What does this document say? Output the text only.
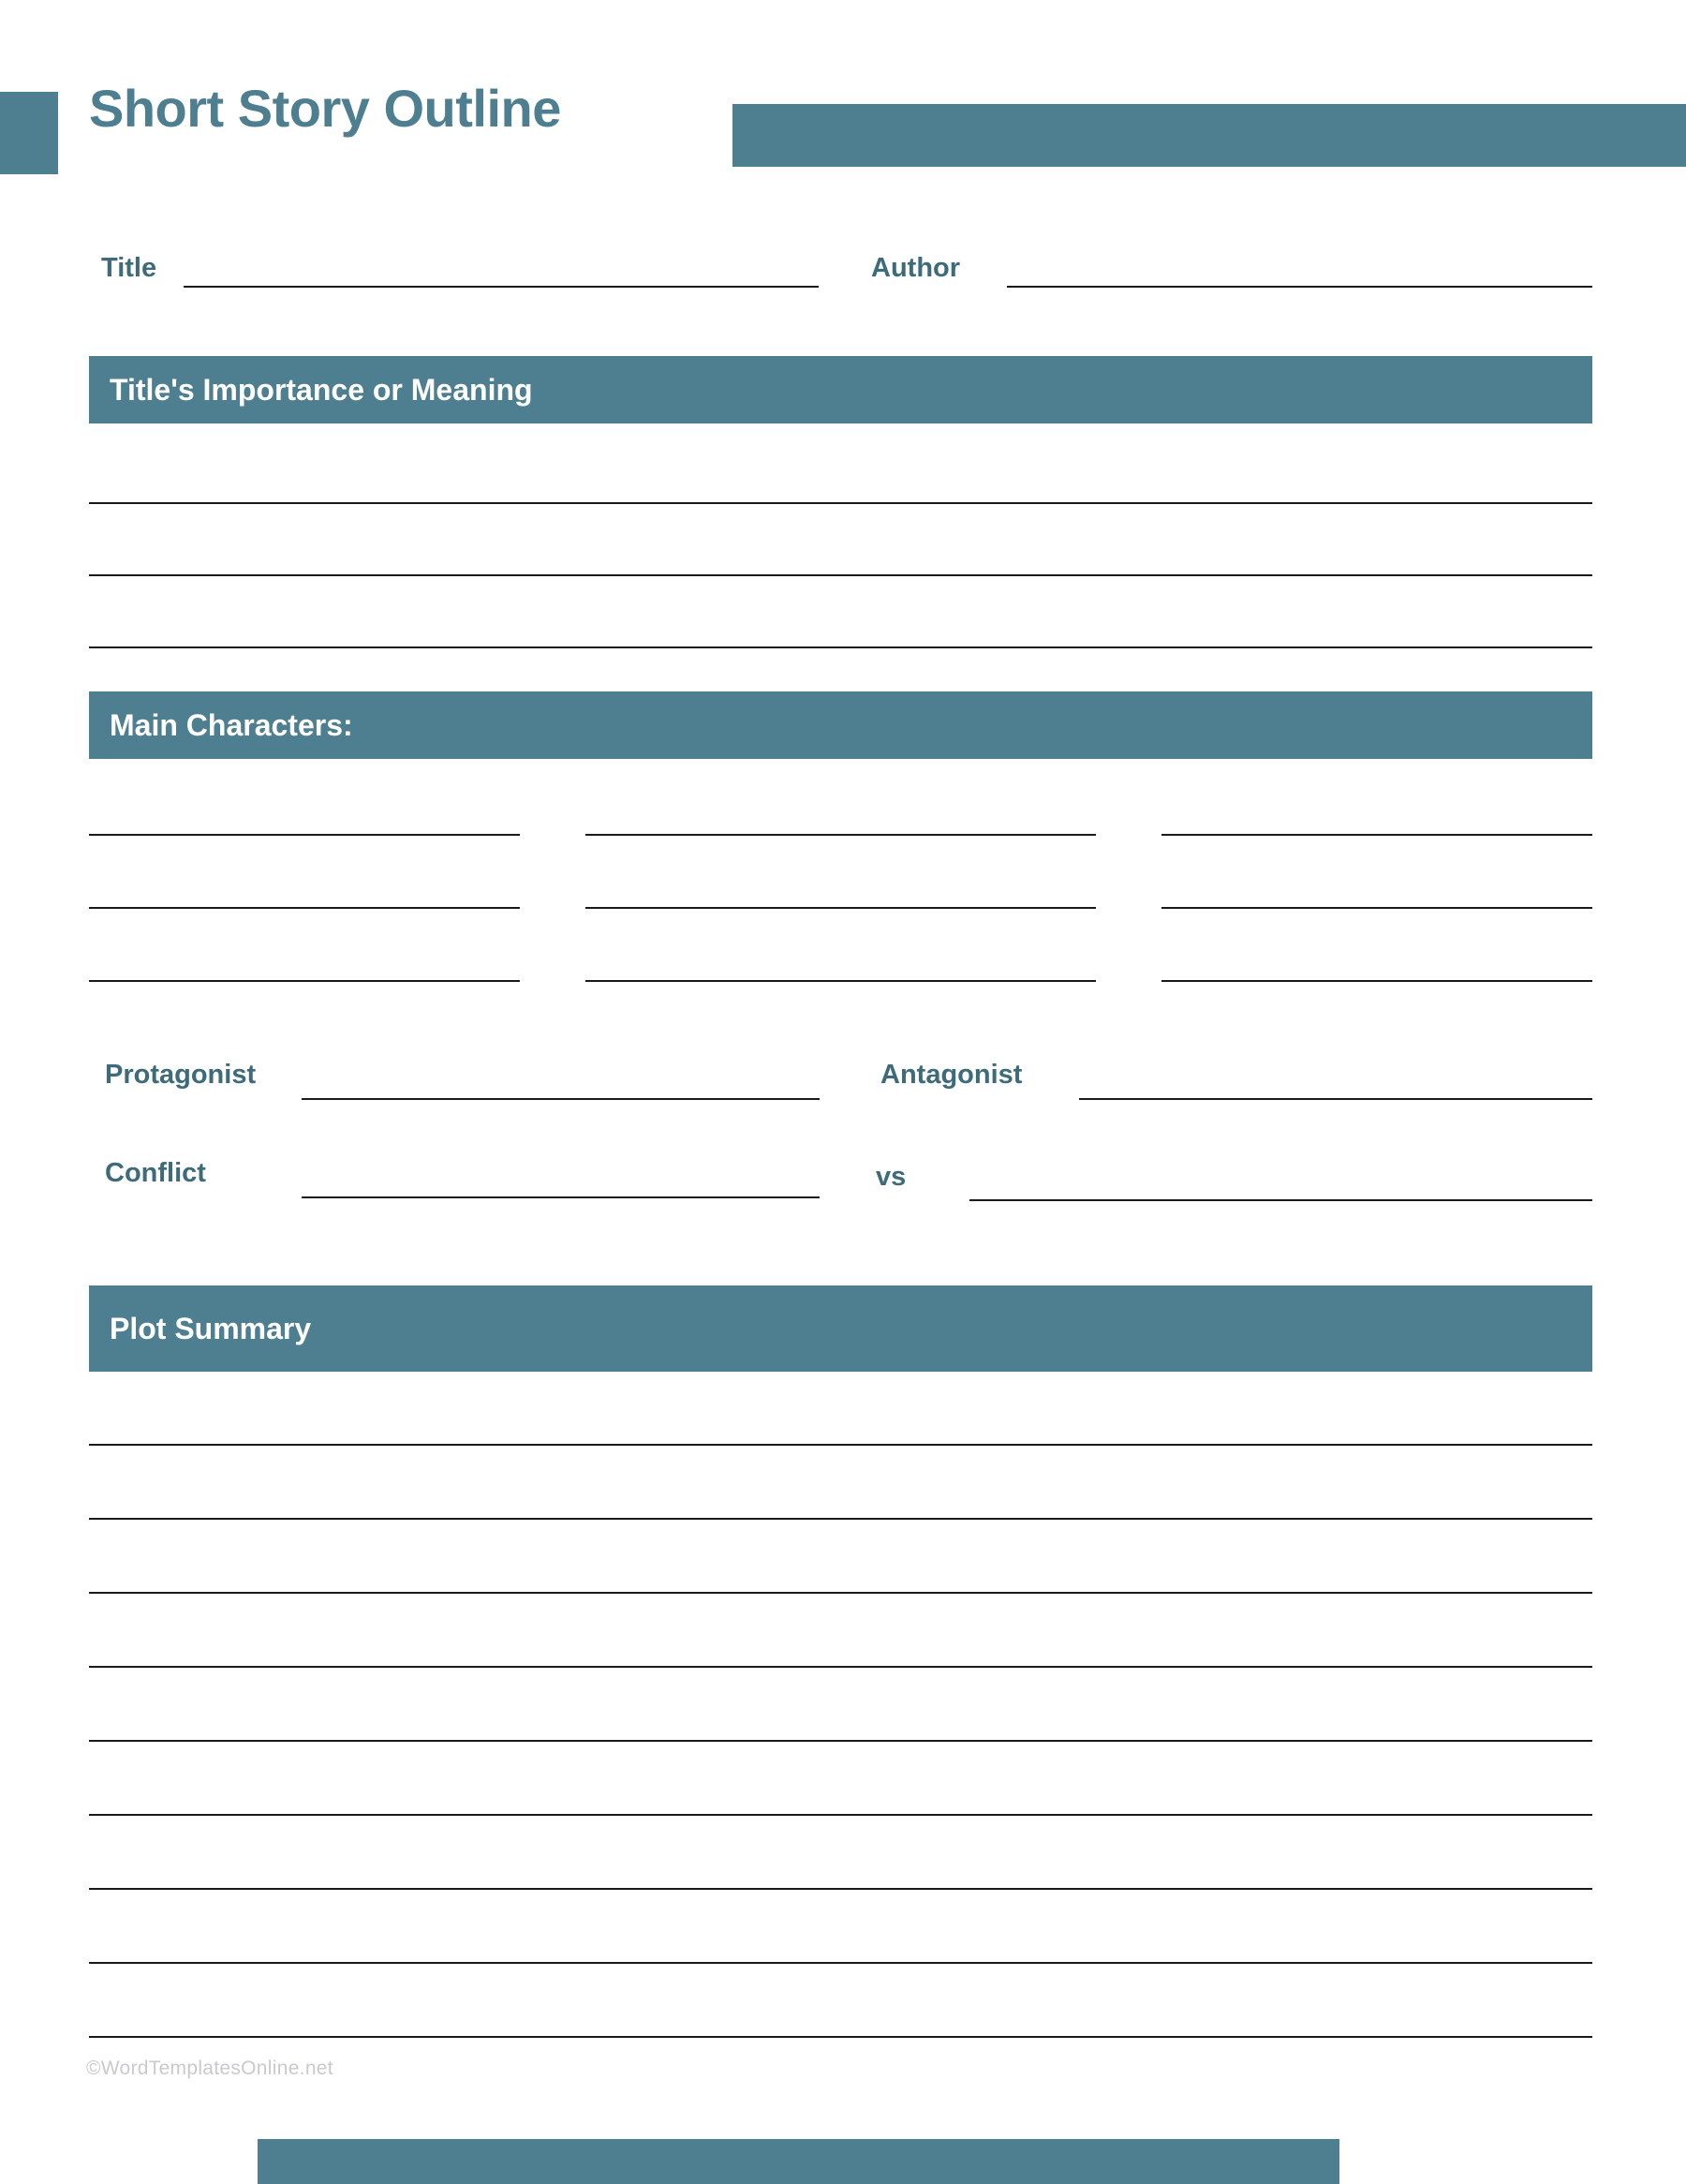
Short Story Outline
Title	Author
Title's Importance or Meaning
Main Characters:
Protagonist	Antagonist
Conflict	vs
Plot Summary
©WordTemplatesOnline.net
